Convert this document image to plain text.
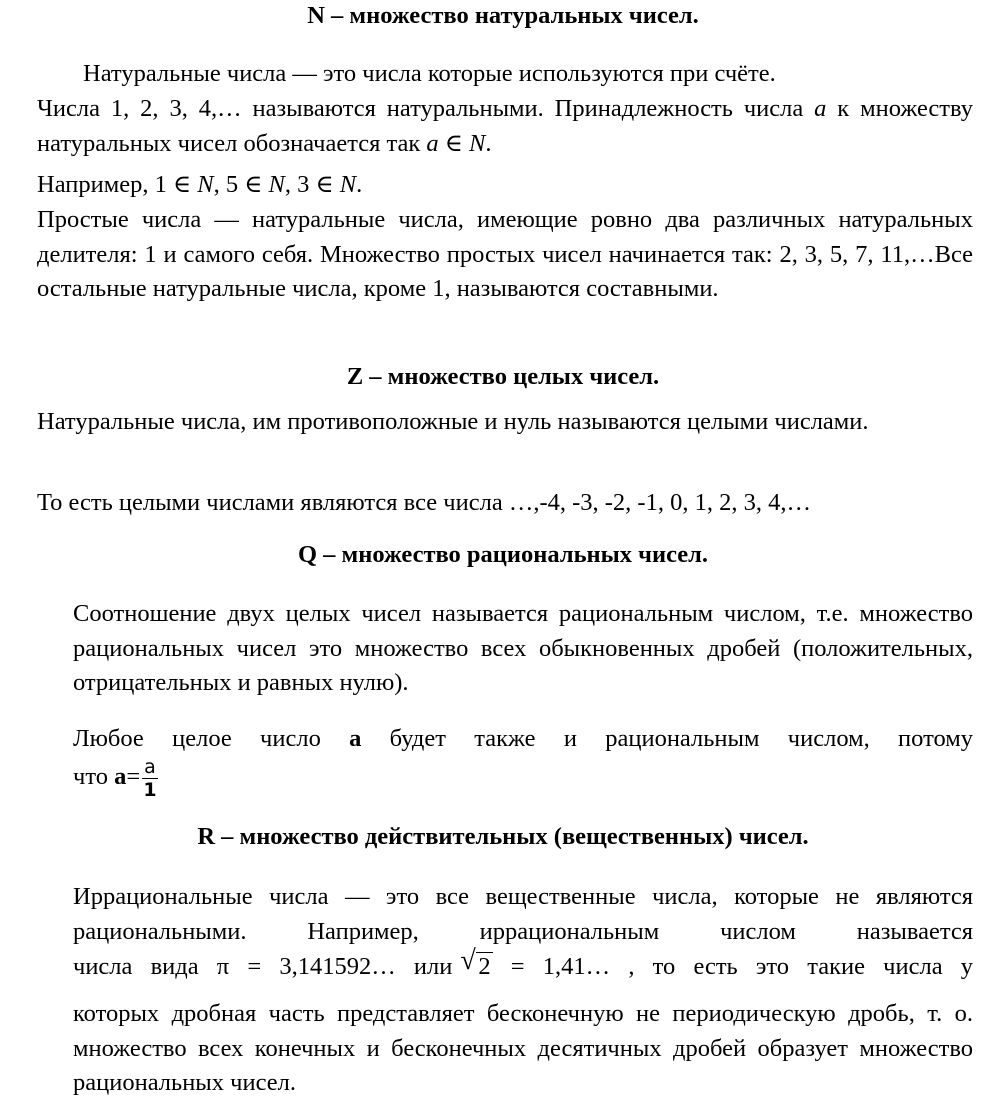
N – множество натуральных чисел.
Натуральные числа — это числа которые используются при счёте.
Числа 1, 2, 3, 4,… называются натуральными. Принадлежность числа a к множеству натуральных чисел обозначается так a ∈ N.
Например, 1 ∈ N, 5 ∈ N, 3 ∈ N.
Простые числа — натуральные числа, имеющие ровно два различных натуральных делителя: 1 и самого себя. Множество простых чисел начинается так: 2, 3, 5, 7, 11,…Все остальные натуральные числа, кроме 1, называются составными.
Z – множество целых чисел.
Натуральные числа, им противоположные и нуль называются целыми числами.
То есть целыми числами являются все числа …,-4, -3, -2, -1, 0, 1, 2, 3, 4,…
Q – множество рациональных чисел.
Соотношение двух целых чисел называется рациональным числом, т.е. множество рациональных чисел это множество всех обыкновенных дробей (положительных, отрицательных и равных нулю).
Любое целое число a будет также и рациональным числом, потому
что $a= \frac{a}{1}$
R – множество действительных (вещественных) чисел.
Иррациональные числа — это все вещественные числа, которые не являются рациональными. Например, иррациональным числом называется
числа вида π = 3,141592… или √ 2 = 1,41… , то есть это такие числа у
которых дробная часть представляет бесконечную не периодическую дробь, т. о. множество всех конечных и бесконечных десятичных дробей образует множество рациональных чисел.
